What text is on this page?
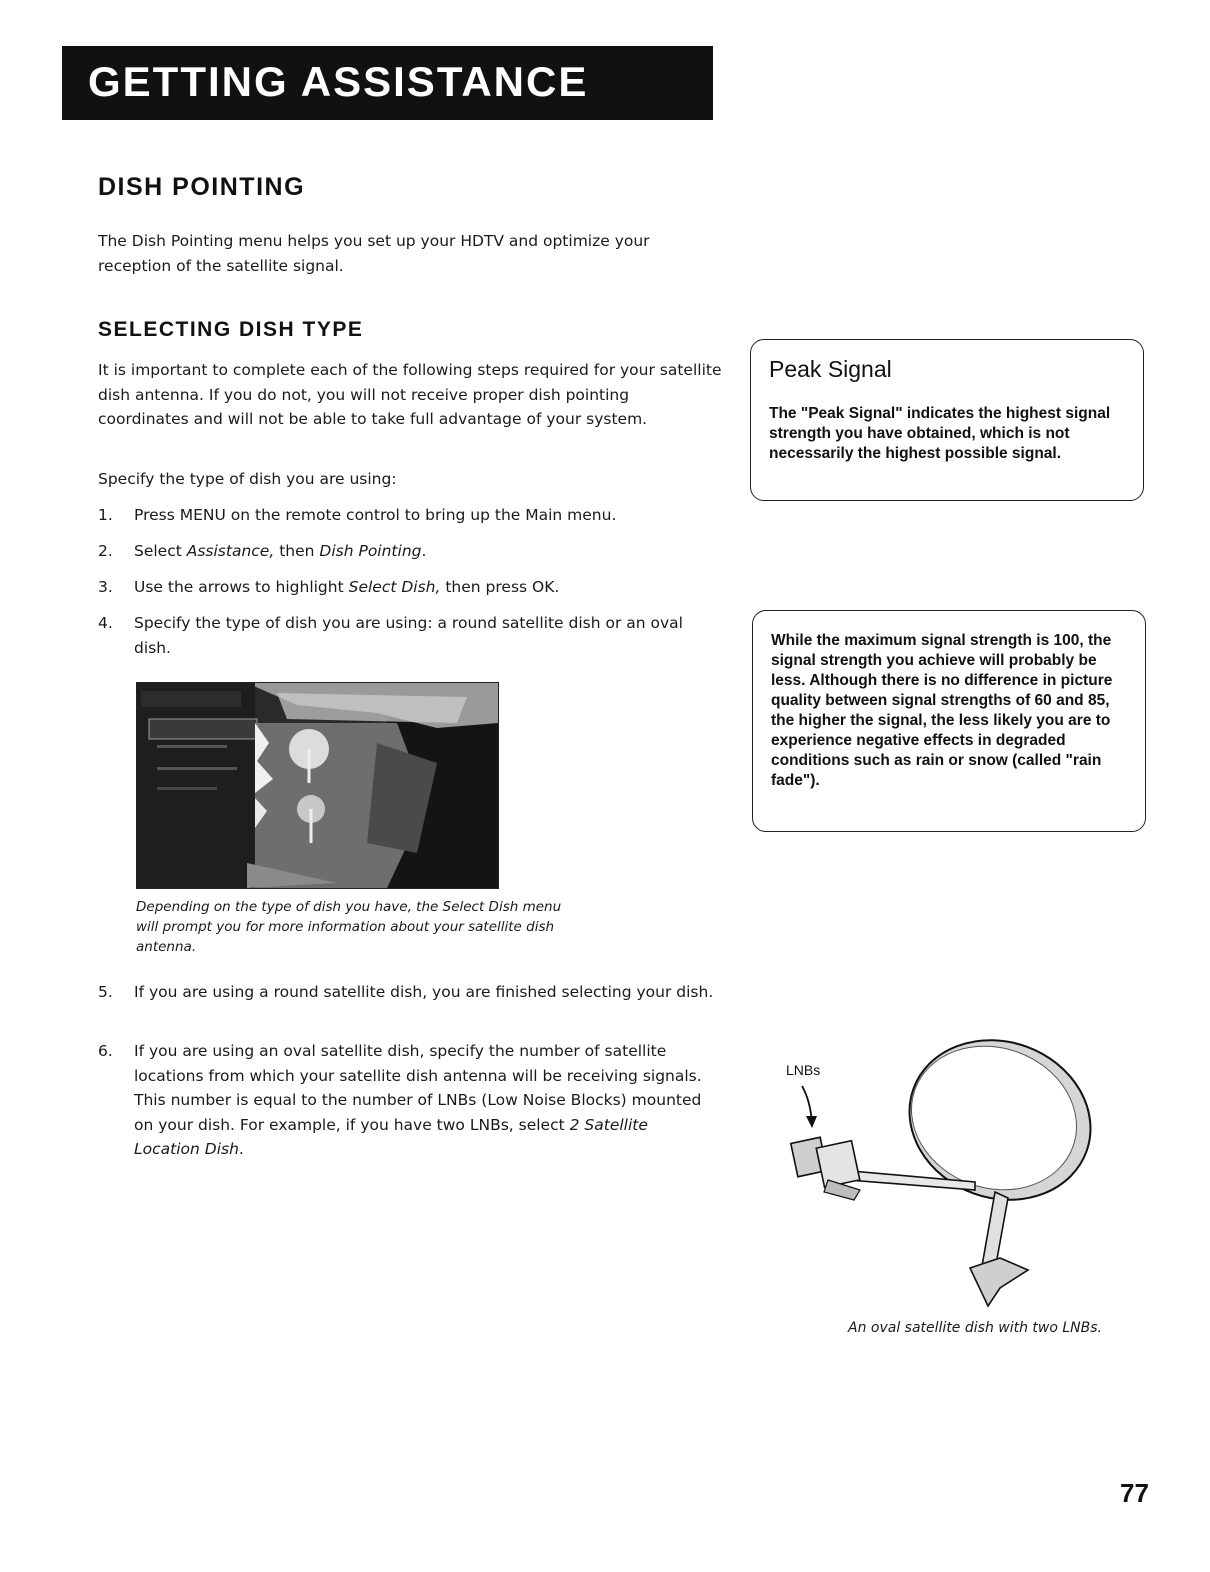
GETTING ASSISTANCE
DISH POINTING
The Dish Pointing menu helps you set up your HDTV and optimize your reception of the satellite signal.
SELECTING DISH TYPE
It is important to complete each of the following steps required for your satellite dish antenna. If you do not, you will not receive proper dish pointing coordinates and will not be able to take full advantage of your system.
Specify the type of dish you are using:
1. Press MENU on the remote control to bring up the Main menu.
2. Select Assistance, then Dish Pointing.
3. Use the arrows to highlight Select Dish, then press OK.
4. Specify the type of dish you are using: a round satellite dish or an oval dish.
Depending on the type of dish you have, the Select Dish menu will prompt you for more information about your satellite dish antenna.
5. If you are using a round satellite dish, you are finished selecting your dish.
6. If you are using an oval satellite dish, specify the number of satellite locations from which your satellite dish antenna will be receiving signals. This number is equal to the number of LNBs (Low Noise Blocks) mounted on your dish. For example, if you have two LNBs, select 2 Satellite Location Dish.
Peak Signal
The "Peak Signal" indicates the highest signal strength you have obtained, which is not necessarily the highest possible signal.
While the maximum signal strength is 100, the signal strength you achieve will probably be less. Although there is no difference in picture quality between signal strengths of 60 and 85, the higher the signal, the less likely you are to experience negative effects in degraded conditions such as rain or snow (called "rain fade").
LNBs
An oval satellite dish with two LNBs.
77
